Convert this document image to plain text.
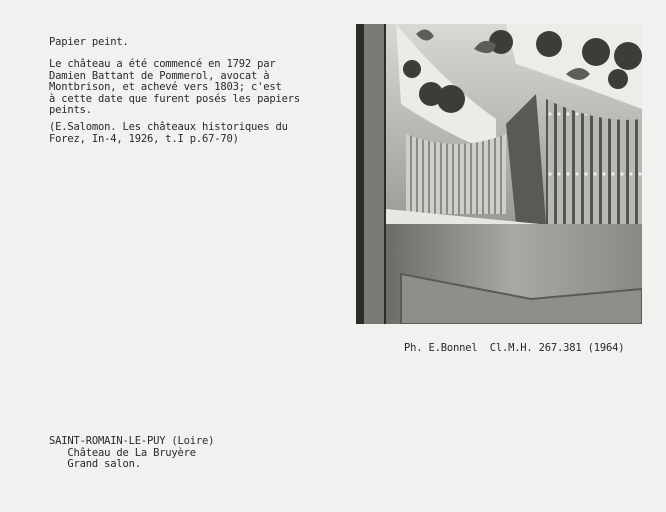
Papier peint.
Le château a été commencé en 1792 par
Damien Battant de Pommerol, avocat à
Montbrison, et achevé vers 1803; c'est
à cette date que furent posés les papiers
peints.
(E.Salomon. Les châteaux historiques du
Forez, In-4, 1926, t.I p.67-70)
Ph. E.Bonnel  Cl.M.H. 267.381 (1964)
SAINT-ROMAIN-LE-PUY (Loire)
Château de La Bruyère
Grand salon.
